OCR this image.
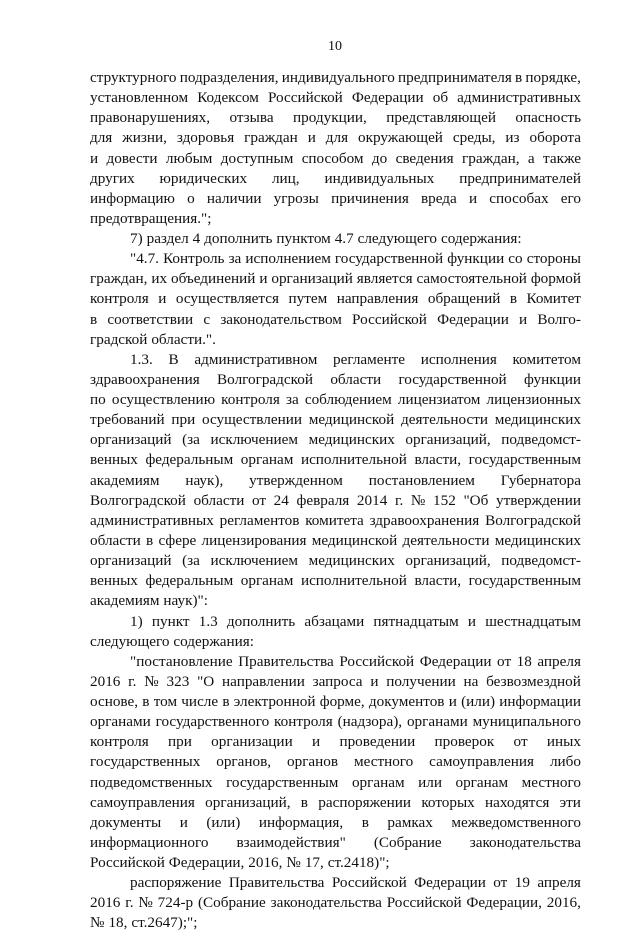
10
структурного подразделения, индивидуального предпринимателя в порядке,
установленном Кодексом Российской Федерации об административных
правонарушениях, отзыва продукции, представляющей опасность
для жизни, здоровья граждан и для окружающей среды, из оборота
и довести любым доступным способом до сведения граждан, а также
других юридических лиц, индивидуальных предпринимателей
информацию о наличии угрозы причинения вреда и способах его
предотвращения.";
7) раздел 4 дополнить пунктом 4.7 следующего содержания:
"4.7. Контроль за исполнением государственной функции со стороны
граждан, их объединений и организаций является самостоятельной формой
контроля и осуществляется путем направления обращений в Комитет
в соответствии с законодательством Российской Федерации и Волго-
градской области.".
1.3. В административном регламенте исполнения комитетом
здравоохранения Волгоградской области государственной функции
по осуществлению контроля за соблюдением лицензиатом лицензионных
требований при осуществлении медицинской деятельности медицинских
организаций (за исключением медицинских организаций, подведомст-
венных федеральным органам исполнительной власти, государственным
академиям наук), утвержденном постановлением Губернатора
Волгоградской области от 24 февраля 2014 г. № 152 "Об утверждении
административных регламентов комитета здравоохранения Волгоградской
области в сфере лицензирования медицинской деятельности медицинских
организаций (за исключением медицинских организаций, подведомст-
венных федеральным органам исполнительной власти, государственным
академиям наук)":
1) пункт 1.3 дополнить абзацами пятнадцатым и шестнадцатым
следующего содержания:
"постановление Правительства Российской Федерации от 18 апреля
2016 г. № 323 "О направлении запроса и получении на безвозмездной
основе, в том числе в электронной форме, документов и (или) информации
органами государственного контроля (надзора), органами муниципального
контроля при организации и проведении проверок от иных
государственных органов, органов местного самоуправления либо
подведомственных государственным органам или органам местного
самоуправления организаций, в распоряжении которых находятся эти
документы и (или) информация, в рамках межведомственного
информационного взаимодействия" (Собрание законодательства
Российской Федерации, 2016, № 17, ст.2418)";
распоряжение Правительства Российской Федерации от 19 апреля
2016 г. № 724-р (Собрание законодательства Российской Федерации, 2016,
№ 18, ст.2647);";
